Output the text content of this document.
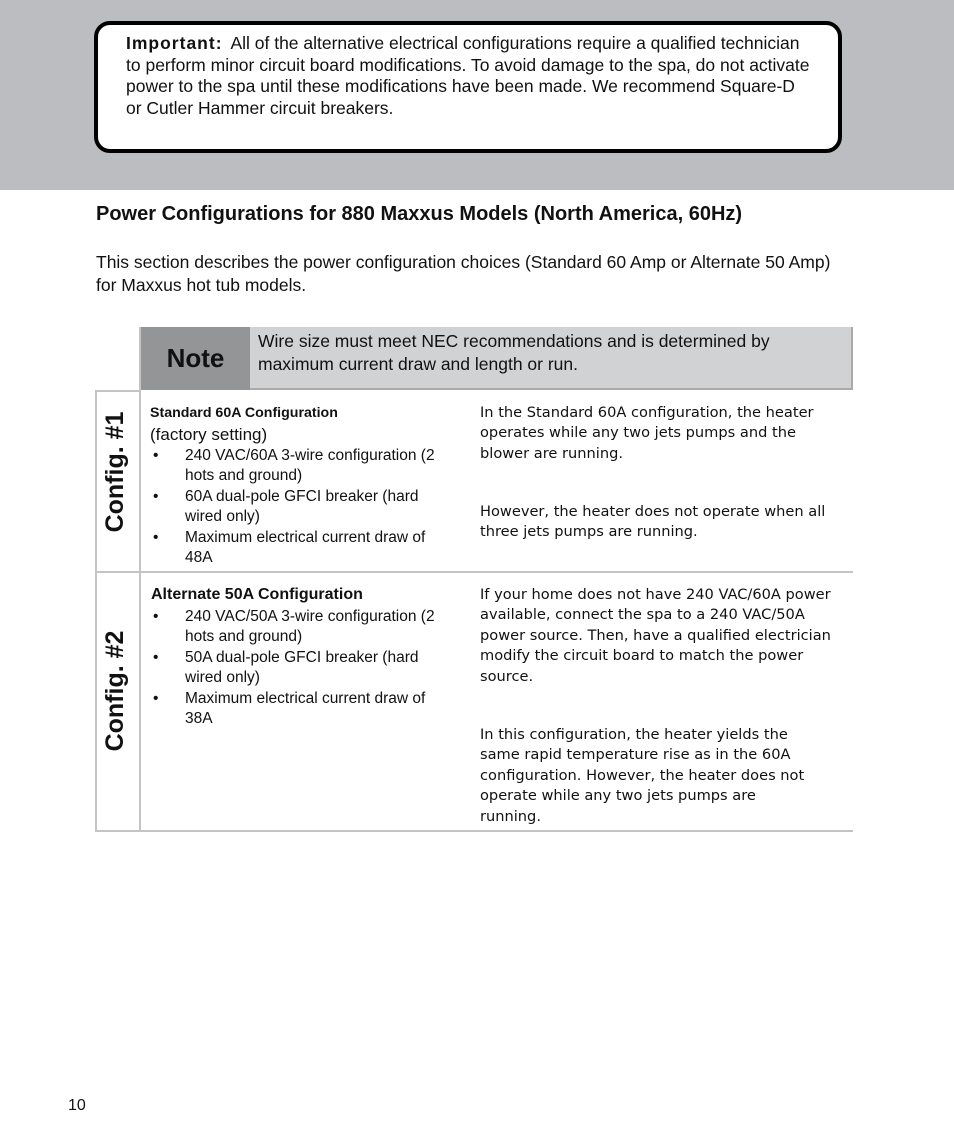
Important: All of the alternative electrical configurations require a qualified technician to perform minor circuit board modifications. To avoid damage to the spa, do not activate power to the spa until these modifications have been made. We recommend Square-D or Cutler Hammer circuit breakers.
Power Configurations for 880 Maxxus Models (North America, 60Hz)

This section describes the power configuration choices (Standard 60 Amp or Alternate 50 Amp) for Maxxus hot tub models.

Note
Wire size must meet NEC recommendations and is determined by maximum current draw and length or run.
Config. #1	Standard 60A Configuration
(factory setting)
• 240 VAC/60A 3-wire configuration (2 hots and ground)
• 60A dual-pole GFCI breaker (hard wired only)
• Maximum electrical current draw of 48A

In the Standard 60A configuration, the heater operates while any two jets pumps and the blower are running.

However, the heater does not operate when all three jets pumps are running.

Config. #2
Alternate 50A Configuration
• 240 VAC/50A 3-wire configuration (2 hots and ground)
• 50A dual-pole GFCI breaker (hard wired only)
• Maximum electrical current draw of 38A

If your home does not have 240 VAC/60A power available, connect the spa to a 240 VAC/50A power source. Then, have a qualified electrician modify the circuit board to match the power source.

In this configuration, the heater yields the same rapid temperature rise as in the 60A configuration. However, the heater does not operate while any two jets pumps are running.

10
